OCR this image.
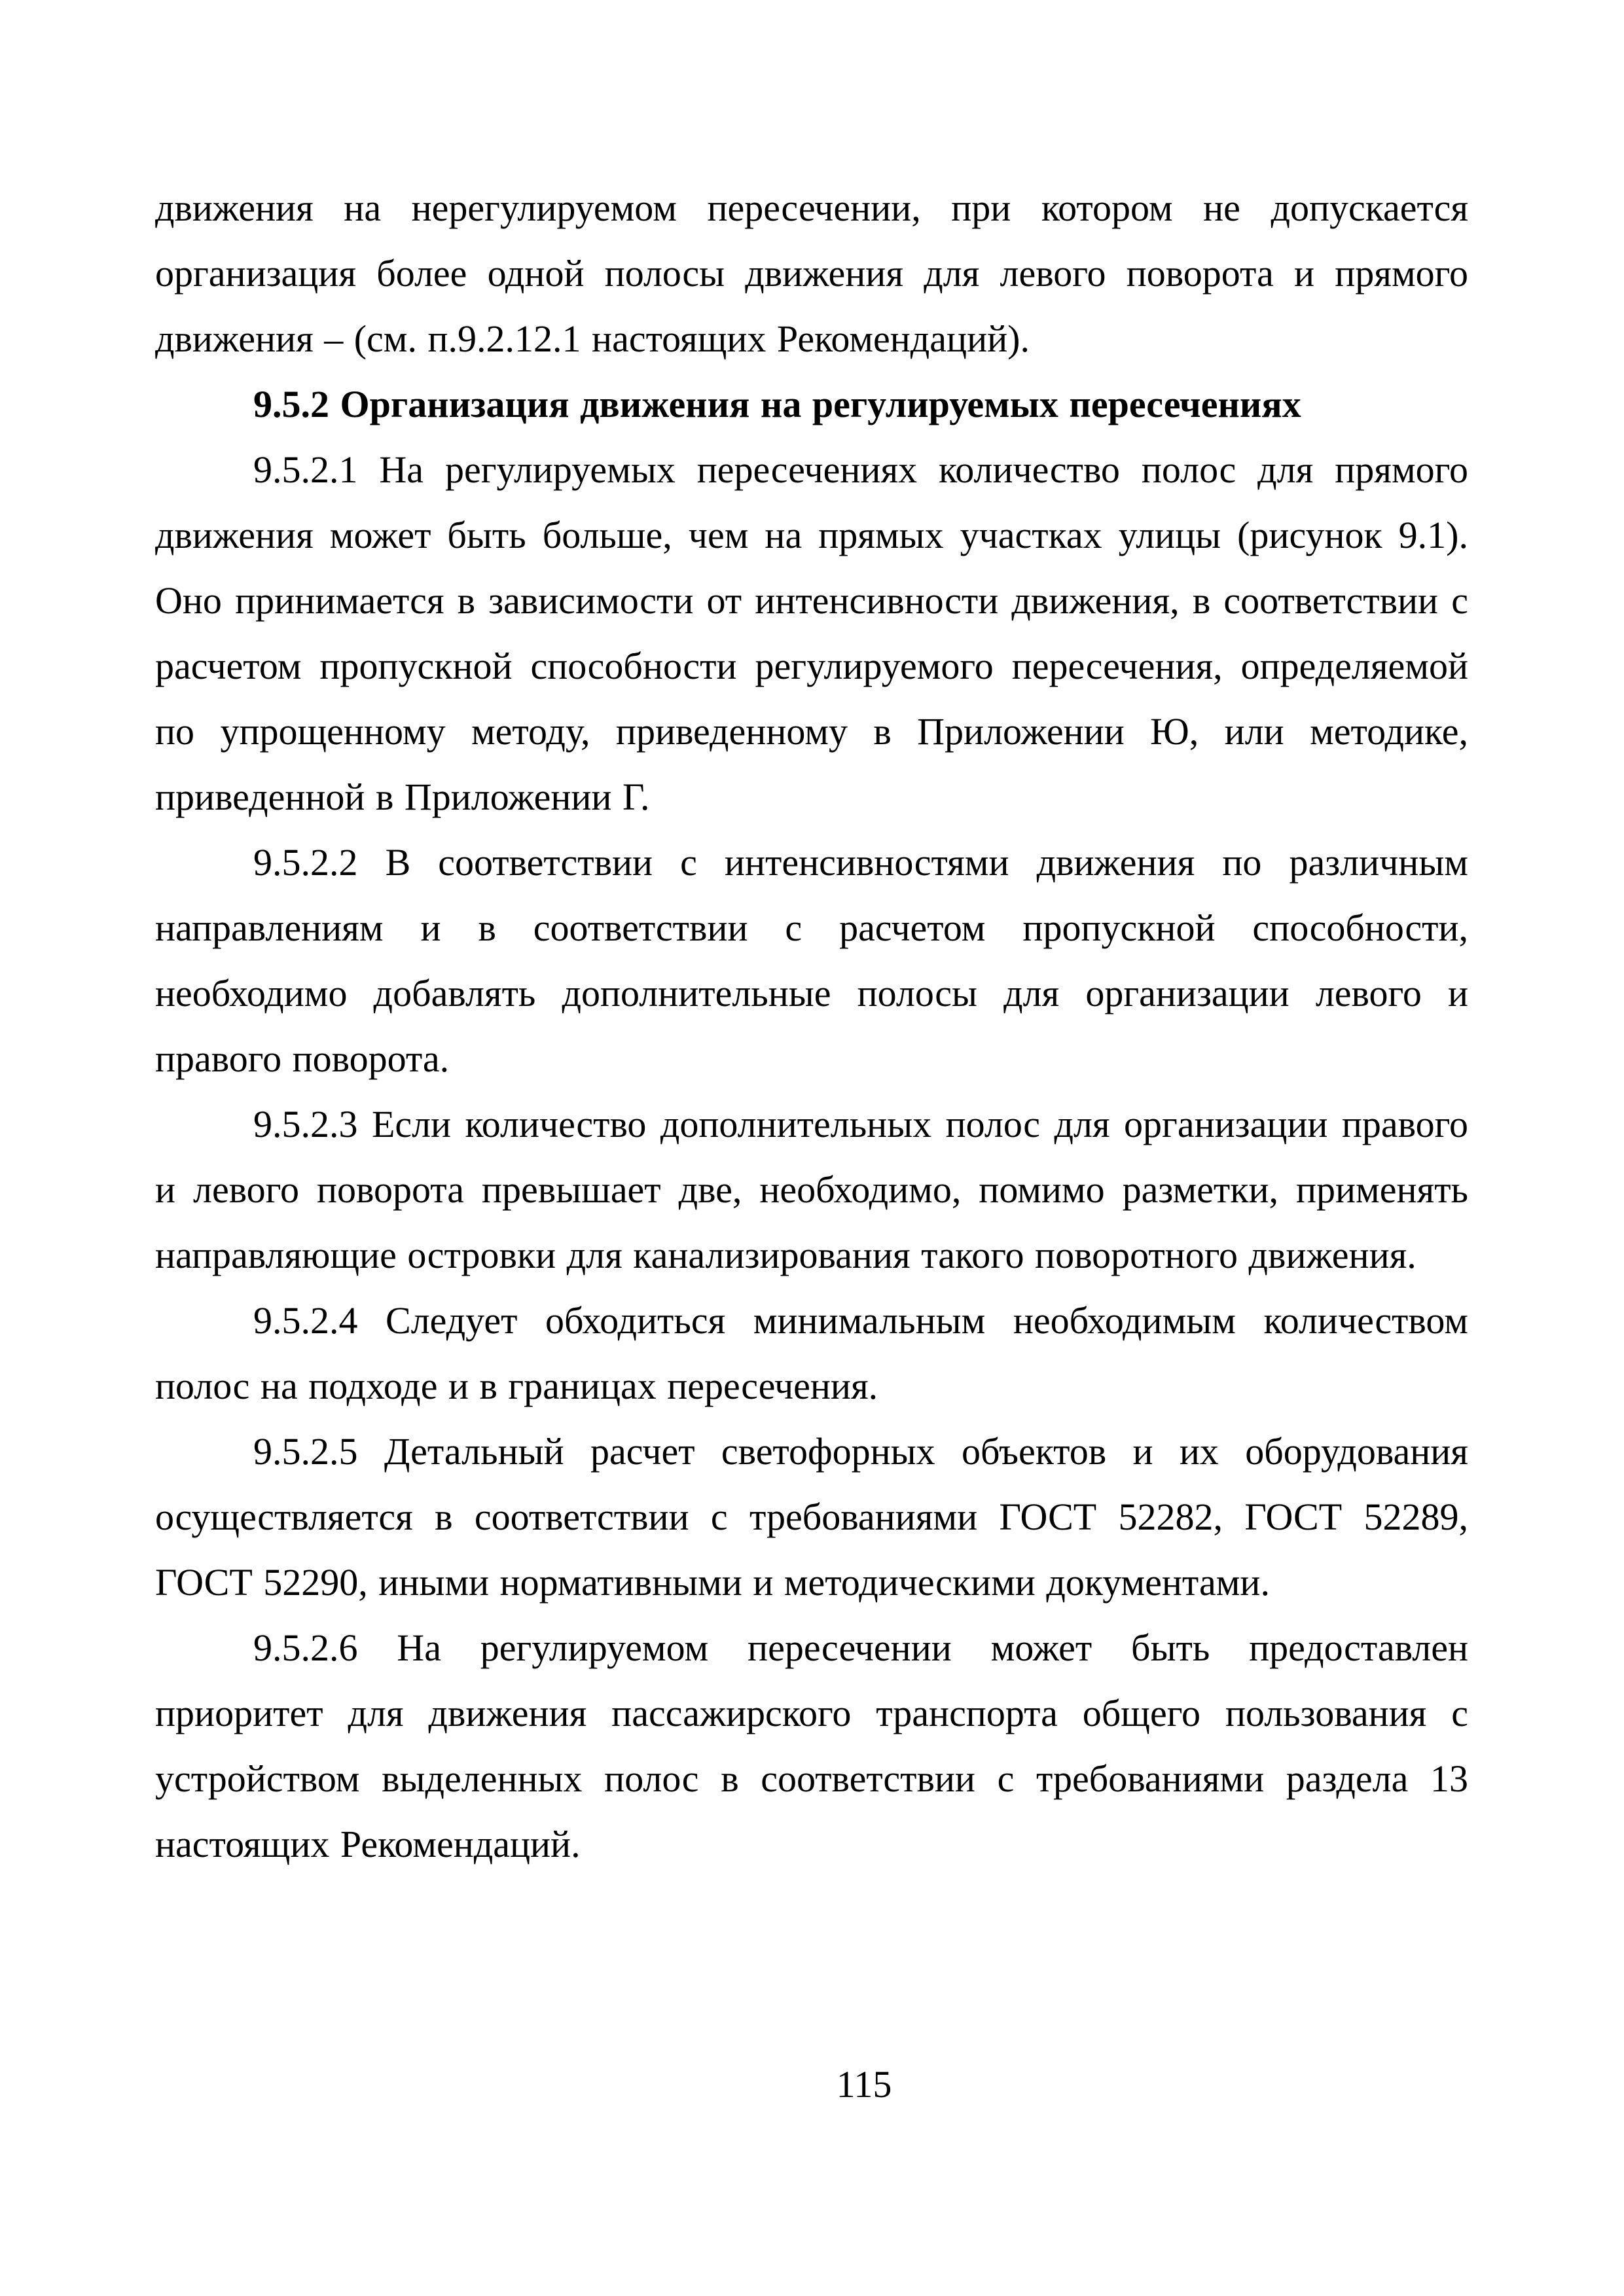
движения на нерегулируемом пересечении, при котором не допускается организация более одной полосы движения для левого поворота и прямого движения – (см. п.9.2.12.1 настоящих Рекомендаций).

9.5.2 Организация движения на регулируемых пересечениях

9.5.2.1 На регулируемых пересечениях количество полос для прямого движения может быть больше, чем на прямых участках улицы (рисунок 9.1). Оно принимается в зависимости от интенсивности движения, в соответствии с расчетом пропускной способности регулируемого пересечения, определяемой по упрощенному методу, приведенному в Приложении Ю, или методике, приведенной в Приложении Г.

9.5.2.2 В соответствии с интенсивностями движения по различным направлениям и в соответствии с расчетом пропускной способности, необходимо добавлять дополнительные полосы для организации левого и правого поворота.

9.5.2.3 Если количество дополнительных полос для организации правого и левого поворота превышает две, необходимо, помимо разметки, применять направляющие островки для канализирования такого поворотного движения.

9.5.2.4 Следует обходиться минимальным необходимым количеством полос на подходе и в границах пересечения.

9.5.2.5 Детальный расчет светофорных объектов и их оборудования осуществляется в соответствии с требованиями ГОСТ 52282, ГОСТ 52289, ГОСТ 52290, иными нормативными и методическими документами.

9.5.2.6 На регулируемом пересечении может быть предоставлен приоритет для движения пассажирского транспорта общего пользования с устройством выделенных полос в соответствии с требованиями раздела 13 настоящих Рекомендаций.

115
